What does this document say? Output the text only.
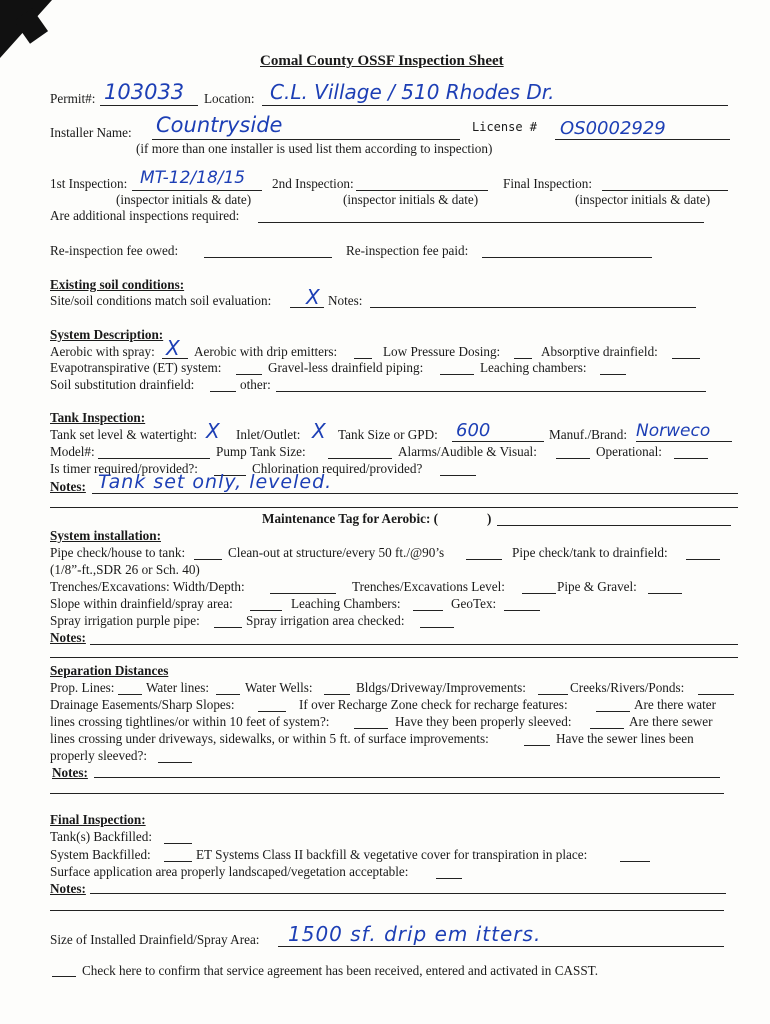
Comal County OSSF Inspection Sheet
Permit#: 103033 Location: C.L. Village / 510 Rhodes Dr.
Installer Name: Countryside	License # OS0002929
(if more than one installer is used list them according to inspection)
1st Inspection: MT-12/18/15 2nd Inspection:	Final Inspection:
(inspector initials & date)	(inspector initials & date)	(inspector initials & date)
Are additional inspections required:
Re-inspection fee owed:	Re-inspection fee paid:
Existing soil conditions:
Site/soil conditions match soil evaluation: X Notes:
System Description:
Aerobic with spray: X Aerobic with drip emitters:	Low Pressure Dosing:	Absorptive drainfield:
Evapotranspirative (ET) system:	Gravel-less drainfield piping:	Leaching chambers:
Soil substitution drainfield:	other:
Tank Inspection:
Tank set level & watertight: X Inlet/Outlet: X Tank Size or GPD: 600	Manuf./Brand: Norweco
Model#:	Pump Tank Size:	Alarms/Audible & Visual:	Operational:
Is timer required/provided?:	Chlorination required/provided?
Notes: Tank set only, leveled.
Maintenance Tag for Aerobic: (	)
System installation:
Pipe check/house to tank:	Clean-out at structure/every 50 ft./@90’s	Pipe check/tank to drainfield:
(1/8”-ft.,SDR 26 or Sch. 40)
Trenches/Excavations: Width/Depth:	Trenches/Excavations Level:	Pipe & Gravel:
Slope within drainfield/spray area:	Leaching Chambers:	GeoTex:
Spray irrigation purple pipe:	Spray irrigation area checked:
Notes:
Separation Distances
Prop. Lines: Water lines:	Water Wells:	Bldgs/Driveway/Improvements:	Creeks/Rivers/Ponds:
Drainage Easements/Sharp Slopes:	If over Recharge Zone check for recharge features:	Are there water
lines crossing tightlines/or within 10 feet of system?:	Have they been properly sleeved:	Are there sewer
lines crossing under driveways, sidewalks, or within 5 ft. of surface improvements:	Have the sewer lines been
properly sleeved?:
Notes:
Final Inspection:
Tank(s) Backfilled:
System Backfilled:	ET Systems Class II backfill & vegetative cover for transpiration in place:
Surface application area properly landscaped/vegetation acceptable:
Notes:
Size of Installed Drainfield/Spray Area: 1500 sf. drip em itters.
Check here to confirm that service agreement has been received, entered and activated in CASST.
